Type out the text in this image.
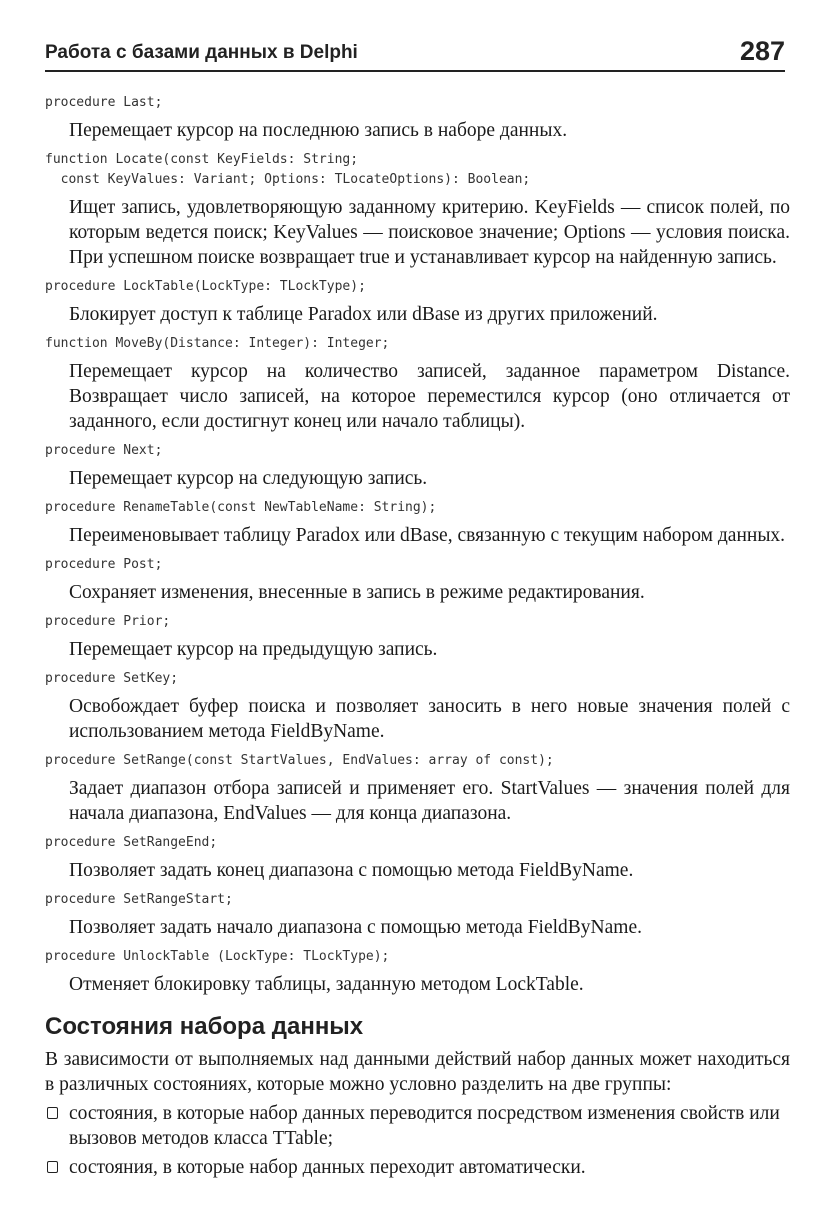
Работа с базами данных в Delphi	287

procedure Last;

Перемещает курсор на последнюю запись в наборе данных.

function Locate(const KeyFields: String;
const KeyValues: Variant; Options: TLocateOptions): Boolean;

Ищет запись, удовлетворяющую заданному критерию. KeyFields — список полей, по которым ведется поиск; KeyValues — поисковое значение; Options — условия поиска. При успешном поиске возвращает true и устанавливает курсор на найденную запись.

procedure LockTable(LockType: TLockType);

Блокирует доступ к таблице Paradox или dBase из других приложений.

function MoveBy(Distance: Integer): Integer;

Перемещает курсор на количество записей, заданное параметром Distance. Возвращает число записей, на которое переместился курсор (оно отличается от заданного, если достигнут конец или начало таблицы).

procedure Next;

Перемещает курсор на следующую запись.

procedure RenameTable(const NewTableName: String);

Переименовывает таблицу Paradox или dBase, связанную с текущим набором данных.

procedure Post;

Сохраняет изменения, внесенные в запись в режиме редактирования.

procedure Prior;

Перемещает курсор на предыдущую запись.

procedure SetKey;

Освобождает буфер поиска и позволяет заносить в него новые значения полей с использованием метода FieldByName.

procedure SetRange(const StartValues, EndValues: array of const);

Задает диапазон отбора записей и применяет его. StartValues — значения полей для начала диапазона, EndValues — для конца диапазона.

procedure SetRangeEnd;

Позволяет задать конец диапазона с помощью метода FieldByName.

procedure SetRangeStart;

Позволяет задать начало диапазона с помощью метода FieldByName.

procedure UnlockTable (LockType: TLockType);

Отменяет блокировку таблицы, заданную методом LockTable.

Состояния набора данных

В зависимости от выполняемых над данными действий набор данных может находиться в различных состояниях, которые можно условно разделить на две группы:

состояния, в которые набор данных переводится посредством изменения свойств или вызовов методов класса TTable;
состояния, в которые набор данных переходит автоматически.
